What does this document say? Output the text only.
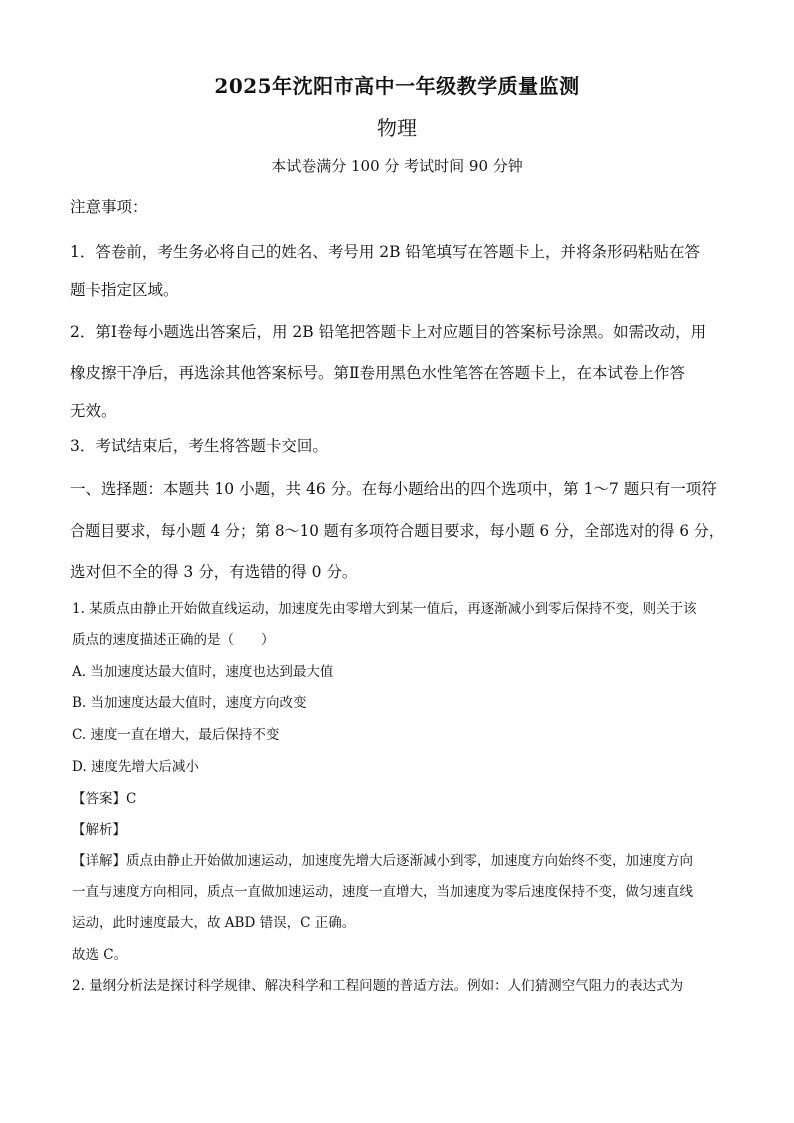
2025年沈阳市高中一年级教学质量监测
物理
本试卷满分 100 分 考试时间 90 分钟
注意事项：
1．答卷前，考生务必将自己的姓名、考号用 2B 铅笔填写在答题卡上，并将条形码粘贴在答
题卡指定区域。
2．第Ⅰ卷每小题选出答案后，用 2B 铅笔把答题卡上对应题目的答案标号涂黑。如需改动，用
橡皮擦干净后，再选涂其他答案标号。第Ⅱ卷用黑色水性笔答在答题卡上，在本试卷上作答
无效。
3．考试结束后，考生将答题卡交回。
一、选择题：本题共 10 小题，共 46 分。在每小题给出的四个选项中，第 1～7 题只有一项符
合题目要求，每小题 4 分；第 8～10 题有多项符合题目要求，每小题 6 分，全部选对的得 6 分，
选对但不全的得 3 分，有选错的得 0 分。
1. 某质点由静止开始做直线运动，加速度先由零增大到某一值后，再逐渐减小到零后保持不变，则关于该
质点的速度描述正确的是（　　）
A. 当加速度达最大值时，速度也达到最大值
B. 当加速度达最大值时，速度方向改变
C. 速度一直在增大，最后保持不变
D. 速度先增大后减小
【答案】C
【解析】
【详解】质点由静止开始做加速运动，加速度先增大后逐渐减小到零，加速度方向始终不变，加速度方向
一直与速度方向相同，质点一直做加速运动，速度一直增大，当加速度为零后速度保持不变，做匀速直线
运动，此时速度最大，故 ABD 错误，C 正确。
故选 C。
2. 量纲分析法是探讨科学规律、解决科学和工程问题的普适方法。例如：人们猜测空气阻力的表达式为
